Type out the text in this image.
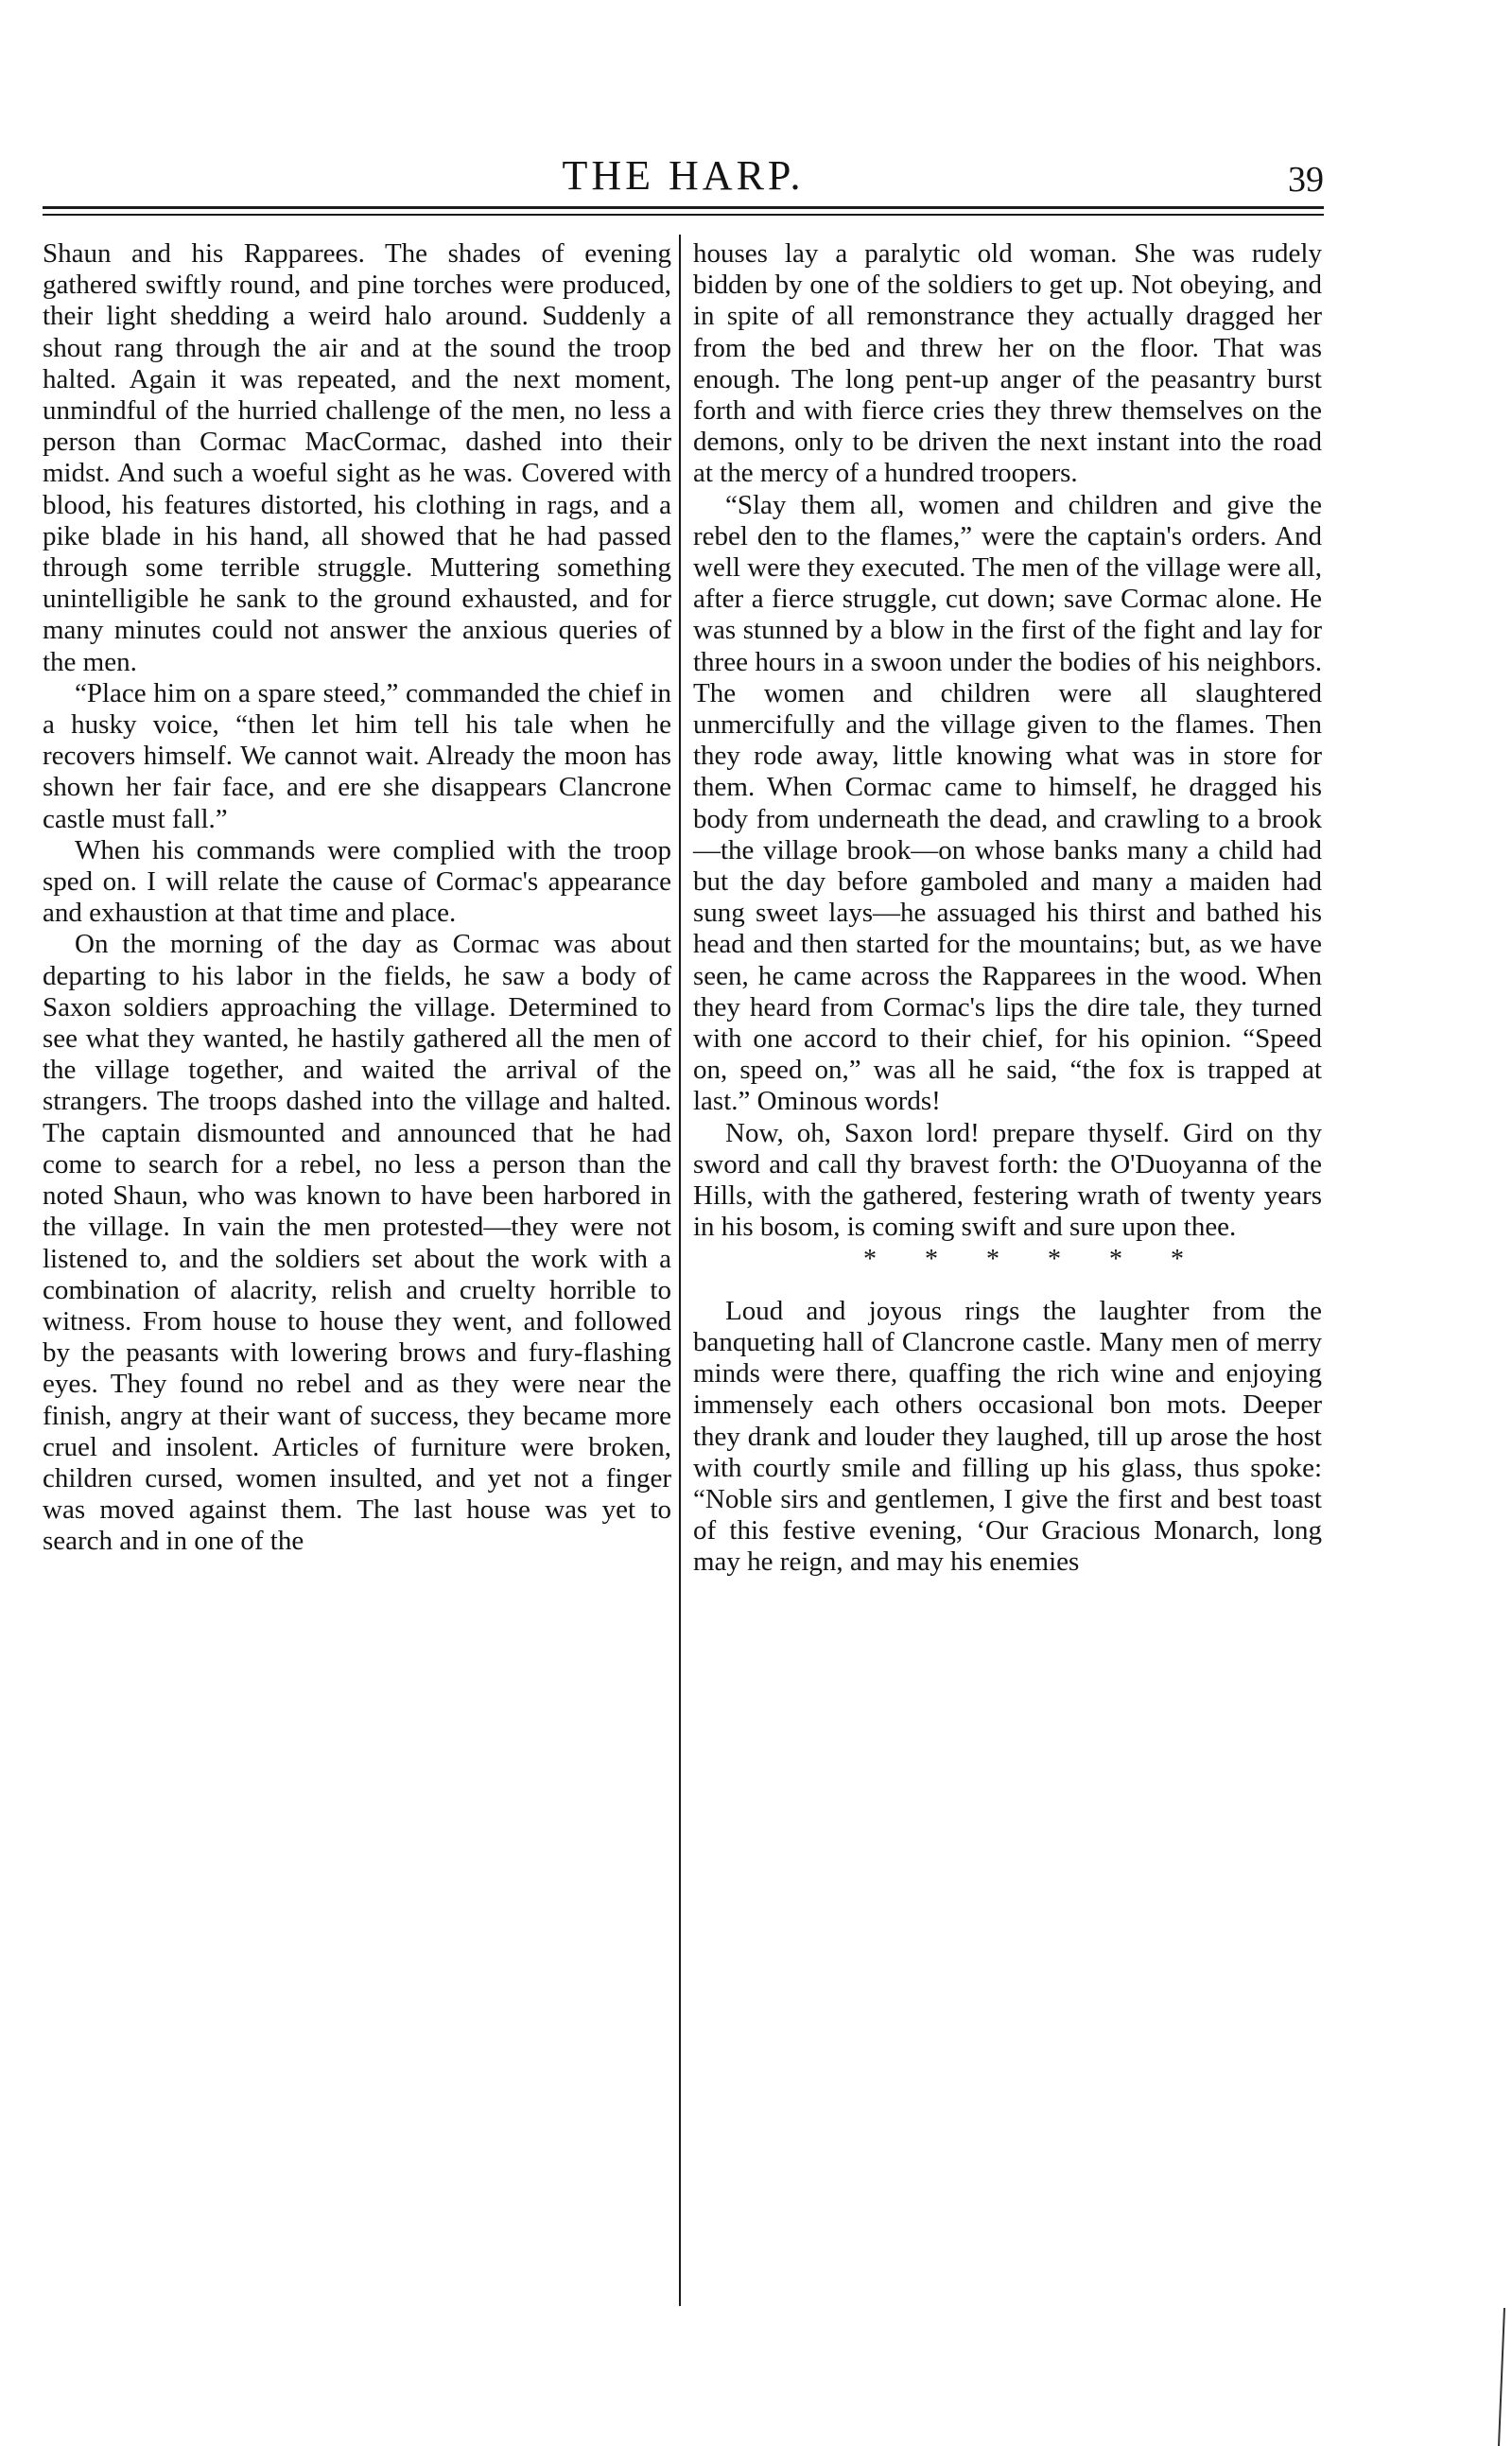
THE HARP.	39

Shaun and his Rapparees. The shades of evening gathered swiftly round, and pine torches were produced, their light shedding a weird halo around. Suddenly a shout rang through the air and at the sound the troop halted. Again it was repeated, and the next moment, unmindful of the hurried challenge of the men, no less a person than Cormac MacCormac, dashed into their midst. And such a woeful sight as he was. Covered with blood, his features distorted, his clothing in rags, and a pike blade in his hand, all showed that he had passed through some terrible struggle. Muttering something unintelligible he sank to the ground exhausted, and for many minutes could not answer the anxious queries of the men.

“Place him on a spare steed,” commanded the chief in a husky voice, “then let him tell his tale when he recovers himself. We cannot wait. Already the moon has shown her fair face, and ere she disappears Clancrone castle must fall.”

When his commands were complied with the troop sped on. I will relate the cause of Cormac's appearance and exhaustion at that time and place.

On the morning of the day as Cormac was about departing to his labor in the fields, he saw a body of Saxon soldiers approaching the village. Determined to see what they wanted, he hastily gathered all the men of the village together, and waited the arrival of the strangers. The troops dashed into the village and halted. The captain dismounted and announced that he had come to search for a rebel, no less a person than the noted Shaun, who was known to have been harbored in the village. In vain the men protested—they were not listened to, and the soldiers set about the work with a combination of alacrity, relish and cruelty horrible to witness. From house to house they went, and followed by the peasants with lowering brows and fury-flashing eyes. They found no rebel and as they were near the finish, angry at their want of success, they became more cruel and insolent. Articles of furniture were broken, children cursed, women insulted, and yet not a finger was moved against them. The last house was yet to search and in one of the

houses lay a paralytic old woman. She was rudely bidden by one of the soldiers to get up. Not obeying, and in spite of all remonstrance they actually dragged her from the bed and threw her on the floor. That was enough. The long pent-up anger of the peasantry burst forth and with fierce cries they threw themselves on the demons, only to be driven the next instant into the road at the mercy of a hundred troopers.

“Slay them all, women and children and give the rebel den to the flames,” were the captain's orders. And well were they executed. The men of the village were all, after a fierce struggle, cut down; save Cormac alone. He was stunned by a blow in the first of the fight and lay for three hours in a swoon under the bodies of his neighbors. The women and children were all slaughtered unmercifully and the village given to the flames. Then they rode away, little knowing what was in store for them. When Cormac came to himself, he dragged his body from underneath the dead, and crawling to a brook—the village brook—on whose banks many a child had but the day before gamboled and many a maiden had sung sweet lays—he assuaged his thirst and bathed his head and then started for the mountains; but, as we have seen, he came across the Rapparees in the wood. When they heard from Cormac's lips the dire tale, they turned with one accord to their chief, for his opinion. “Speed on, speed on,” was all he said, “the fox is trapped at last.” Ominous words!

Now, oh, Saxon lord! prepare thyself. Gird on thy sword and call thy bravest forth: the O'Duoyanna of the Hills, with the gathered, festering wrath of twenty years in his bosom, is coming swift and sure upon thee.

* * * * * *

Loud and joyous rings the laughter from the banqueting hall of Clancrone castle. Many men of merry minds were there, quaffing the rich wine and enjoying immensely each others occasional bon mots. Deeper they drank and louder they laughed, till up arose the host with courtly smile and filling up his glass, thus spoke: “Noble sirs and gentlemen, I give the first and best toast of this festive evening, ‘Our Gracious Monarch, long may he reign, and may his enemies
